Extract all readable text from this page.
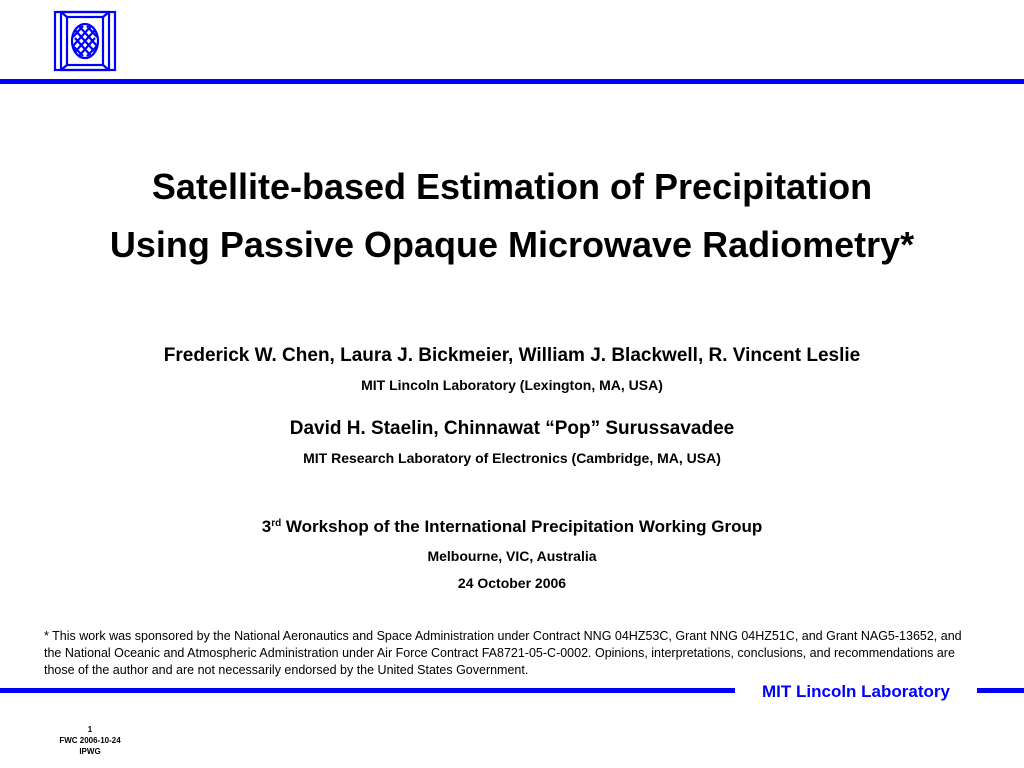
Satellite-based Estimation of Precipitation
Using Passive Opaque Microwave Radiometry*
Frederick W. Chen, Laura J. Bickmeier, William J. Blackwell, R. Vincent Leslie
MIT Lincoln Laboratory (Lexington, MA, USA)
David H. Staelin, Chinnawat “Pop” Surussavadee
MIT Research Laboratory of Electronics (Cambridge, MA, USA)
3rd Workshop of the International Precipitation Working Group
Melbourne, VIC, Australia
24 October 2006
* This work was sponsored by the National Aeronautics and Space Administration under Contract NNG 04HZ53C, Grant NNG 04HZ51C, and Grant NAG5-13652, and the National Oceanic and Atmospheric Administration under Air Force Contract FA8721-05-C-0002. Opinions, interpretations, conclusions, and recommendations are those of the author and are not necessarily endorsed by the United States Government.
MIT Lincoln Laboratory
1
FWC 2006-10-24
IPWG
